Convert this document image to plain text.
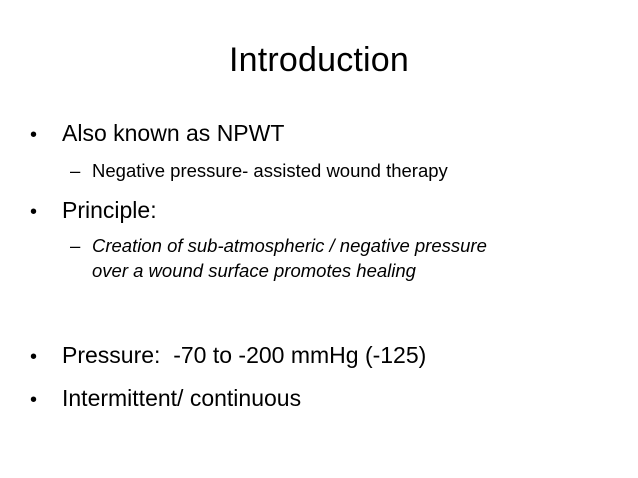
Introduction
• Also known as NPWT
– Negative pressure- assisted wound therapy
• Principle:
– Creation of sub-atmospheric / negative pressure
over a wound surface promotes healing
• Pressure:  -70 to -200 mmHg (-125)
• Intermittent/ continuous
